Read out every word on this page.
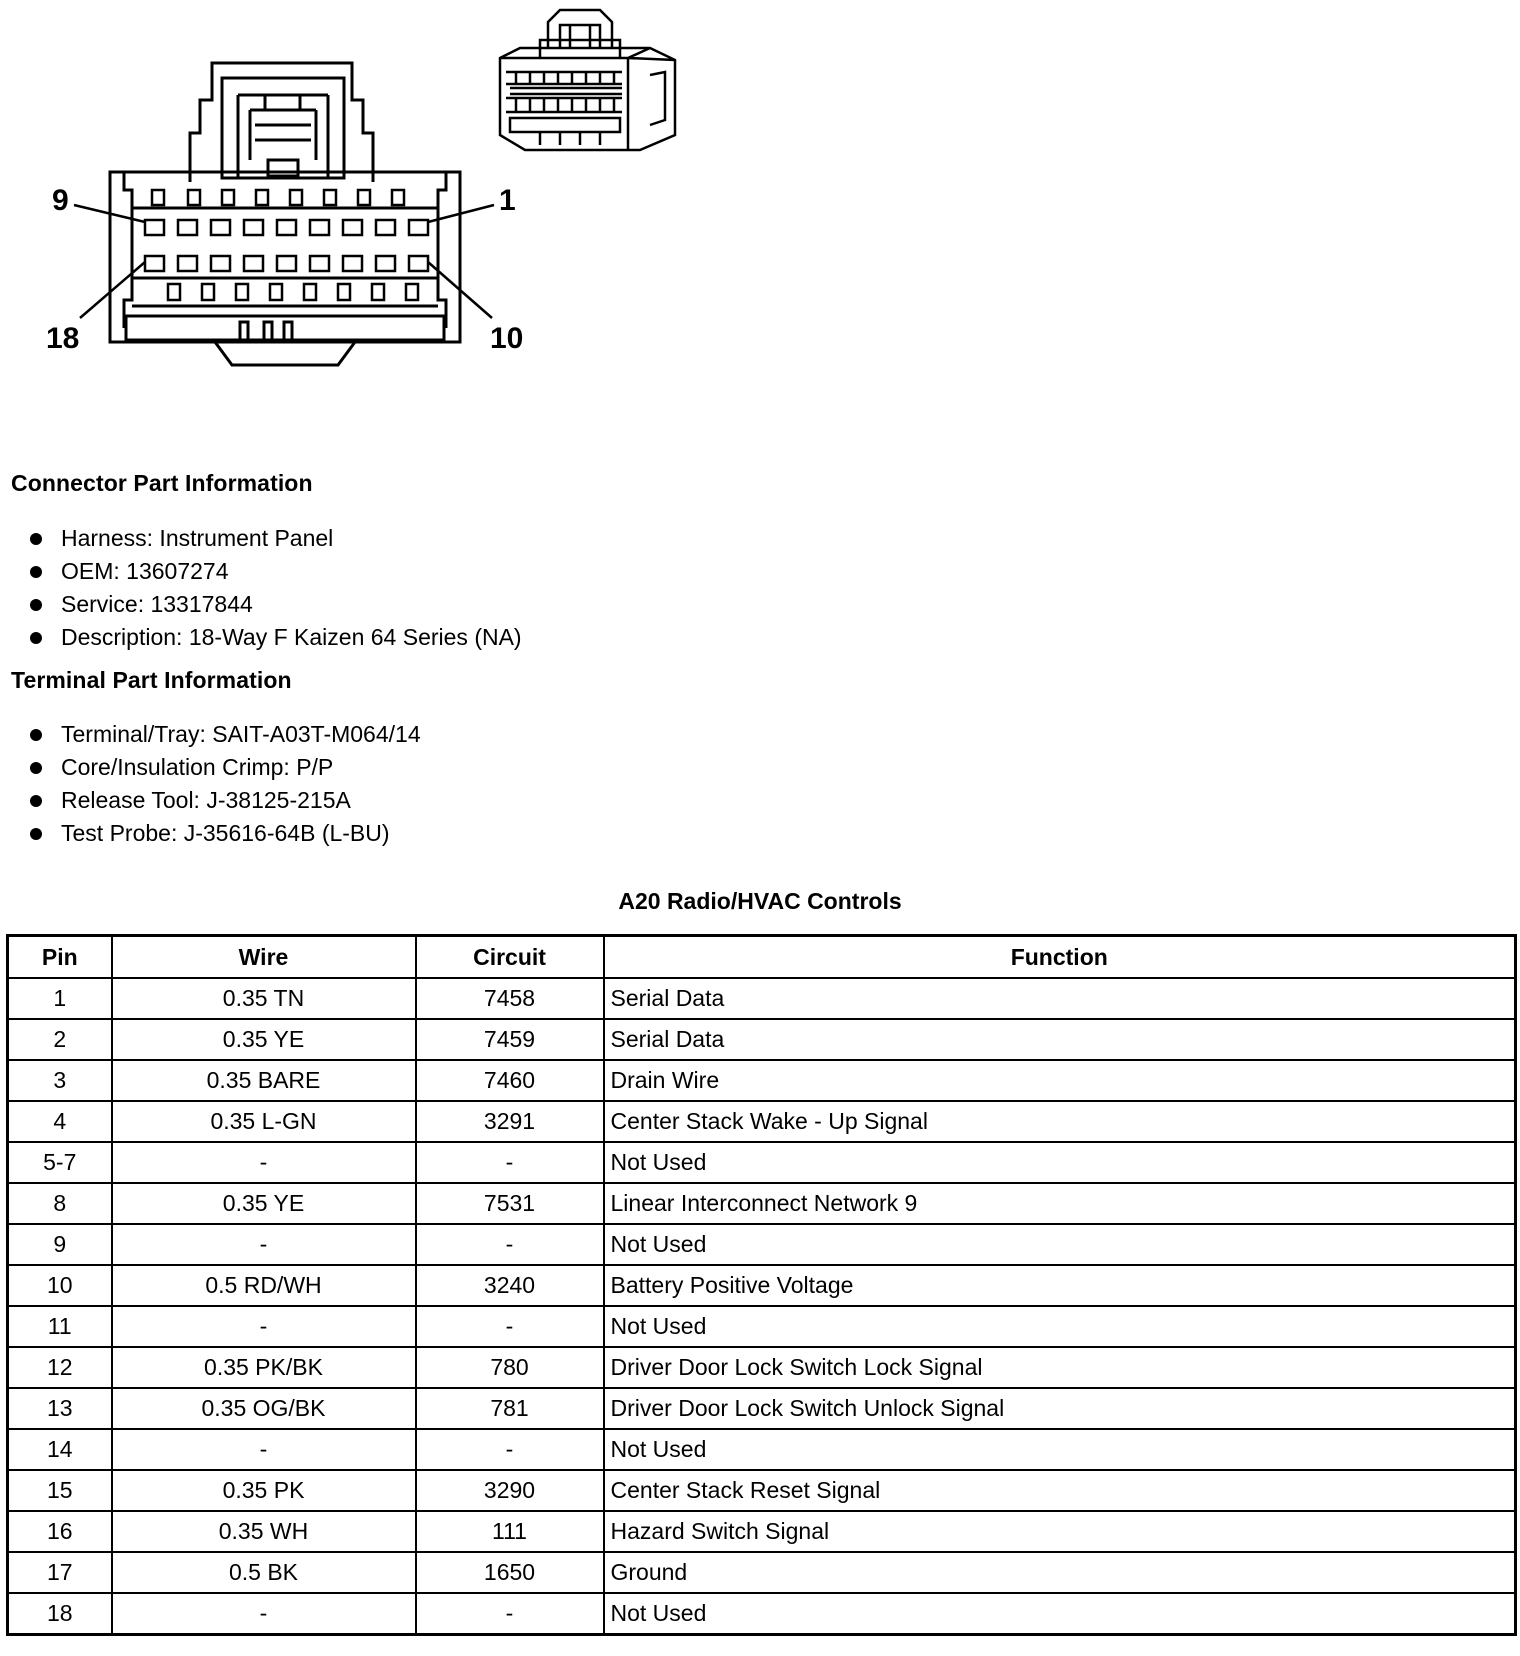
9	1
18	10
Connector Part Information
Harness: Instrument Panel
OEM: 13607274
Service: 13317844
Description: 18-Way F Kaizen 64 Series (NA)
Terminal Part Information
Terminal/Tray: SAIT-A03T-M064/14
Core/Insulation Crimp: P/P
Release Tool: J-38125-215A
Test Probe: J-35616-64B (L-BU)
A20 Radio/HVAC Controls
Pin	Wire	Circuit	Function
1	0.35 TN	7458	Serial Data
2	0.35 YE	7459	Serial Data
3	0.35 BARE	7460	Drain Wire
4	0.35 L-GN	3291	Center Stack Wake - Up Signal
5-7	-	-	Not Used
8	0.35 YE	7531	Linear Interconnect Network 9
9	-	-	Not Used
10	0.5 RD/WH	3240	Battery Positive Voltage
11	-	-	Not Used
12	0.35 PK/BK	780	Driver Door Lock Switch Lock Signal
13	0.35 OG/BK	781	Driver Door Lock Switch Unlock Signal
14	-	-	Not Used
15	0.35 PK	3290	Center Stack Reset Signal
16	0.35 WH	111	Hazard Switch Signal
17	0.5 BK	1650	Ground
18	-	-	Not Used
